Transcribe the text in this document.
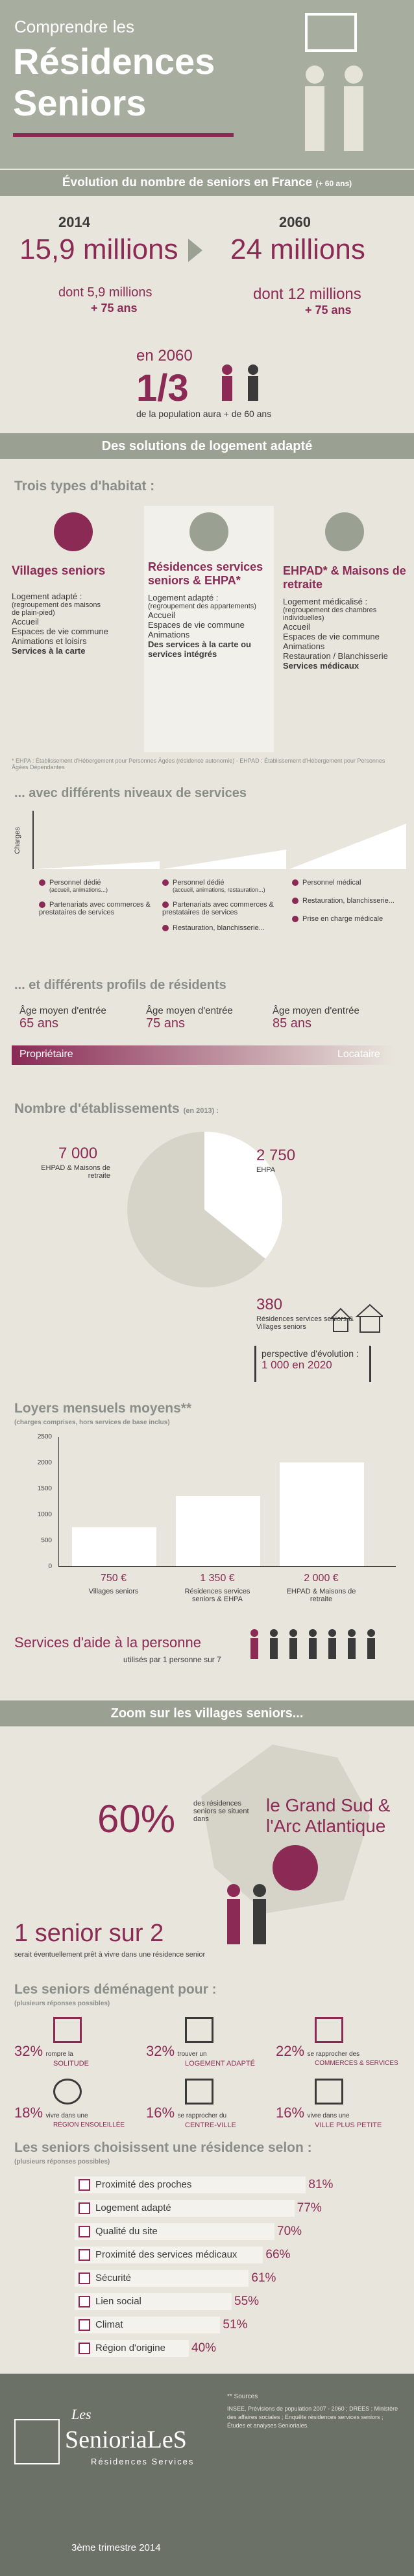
Comprendre les
Résidences
Seniors
Évolution du nombre de seniors en France (+ 60 ans)
2014	2060
15,9 millions 24 millions
dont 5,9 millions
+ 75 ans
dont 12 millions
+ 75 ans
en 2060
1/3
de la population aura + de 60 ans
Des solutions de logement adapté
Trois types d'habitat :
Villages seniors
Logement adapté :
(regroupement des maisons
de plain-pied)
Accueil
Espaces de vie commune
Animations et loisirs
Services à la carte
Résidences services seniors & EHPA*
Logement adapté :
(regroupement des appartements)
Accueil
Espaces de vie commune
Animations
Des services à la carte ou services intégrés
EHPAD* & Maisons de retraite
Logement médicalisé :
(regroupement des chambres
individuelles)
Accueil
Espaces de vie commune
Animations
Restauration / Blanchisserie
Services médicaux
* EHPA : Établissement d'Hébergement pour Personnes Âgées (résidence autonomie) - EHPAD : Établissement d'Hébergement pour Personnes Âgées Dépendantes
... avec différents niveaux de services
Charges
Personnel dédié
(accueil, animations...)
Partenariats avec commerces & prestataires de services
Personnel dédié
(accueil, animations, restauration...)
Partenariats avec commerces & prestataires de services
Restauration, blanchisserie...
Personnel médical
Restauration, blanchisserie...
Prise en charge médicale
... et différents profils de résidents
Âge moyen d'entrée
65 ans
Âge moyen d'entrée
75 ans
Âge moyen d'entrée
85 ans
Propriétaire	Locataire
Nombre d'établissements (en 2013) :
7 000
EHPAD & Maisons de retraite
2 750
EHPA
380
Résidences services seniors & Villages seniors
perspective d'évolution :
1 000 en 2020
Loyers mensuels moyens**
(charges comprises, hors services de base inclus)
2500
2000
1500
1000
500
0
750 €	1 350 €	2 000 €
Villages seniors	Résidences services seniors & EHPA
EHPAD & Maisons de retraite
Services d'aide à la personne
utilisés par 1 personne sur 7
Zoom sur les villages seniors...
60%	des résidences seniors se situent dans
le Grand Sud & l'Arc Atlantique
1 senior sur 2
serait éventuellement prêt à vivre dans une résidence senior
Les seniors déménagent pour :
(plusieurs réponses possibles)
32% rompre la
SOLITUDE
32% trouver un
LOGEMENT ADAPTÉ
22% se rapprocher des
COMMERCES & SERVICES
18% vivre dans une
RÉGION ENSOLEILLÉE
16% se rapprocher du
CENTRE-VILLE
16% vivre dans une
VILLE PLUS PETITE
Les seniors choisissent une résidence selon :
(plusieurs réponses possibles)
Proximité des proches	81%
Logement adapté	77%
Qualité du site	70%
Proximité des services médicaux 66%
Sécurité	61%
Lien social	55%
Climat	51%
Région d'origine 40%
Les
SenioriaLeS
Résidences Services
3ème trimestre 2014
** Sources
INSEE, Prévisions de population 2007 - 2060 ; DREES ; Ministère des affaires sociales ; Enquête résidences services seniors ; Études et analyses Senioriales.
